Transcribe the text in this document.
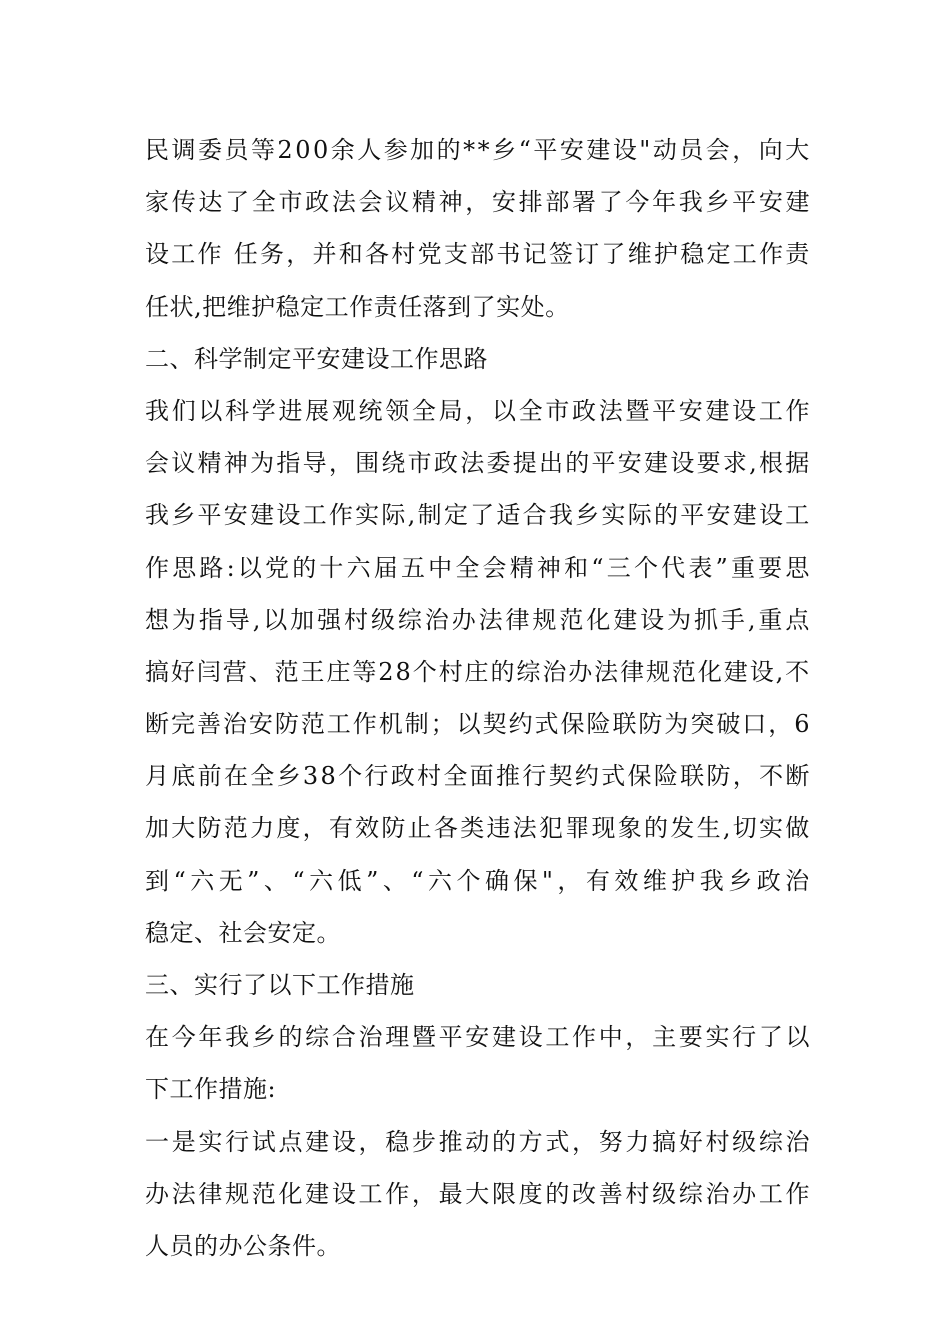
民 调 委 员 等 2 0 0 余 人 参 加 的 * * 乡 “ 平 安 建 设 " 动 员 会 ， 向 大
家 传 达 了 全 市 政 法 会 议 精 神 ， 安 排 部 署 了 今 年 我 乡 平 安 建
设 工 作
任 务 ， 并 和 各 村 党 支 部 书 记 签 订 了 维 护 稳 定 工 作 责
任状,把维护稳定工作责任落到了实处。
二、科学制定平安建设工作思路
我 们 以 科 学 进 展 观 统 领 全 局 ， 以 全 市 政 法 暨 平 安 建 设 工 作
会 议 精 神 为 指 导 ， 围 绕 市 政 法 委 提 出 的 平 安 建 设 要 求 , 根 据
我 乡 平 安 建 设 工 作 实 际 , 制 定 了 适 合 我 乡 实 际 的 平 安 建 设 工
作 思 路 : 以 党 的 十 六 届 五 中 全 会 精 神 和 “ 三 个 代 表 ” 重 要 思
想 为 指 导 , 以 加 强 村 级 综 治 办 法 律 规 范 化 建 设 为 抓 手 , 重 点
搞 好 闫 营 、 范 王 庄 等 2 8 个 村 庄 的 综 治 办 法 律 规 范 化 建 设 , 不
断 完 善 治 安 防 范 工 作 机 制 ； 以 契 约 式 保 险 联 防 为 突 破 口 ， 6
月 底 前 在 全 乡 3 8 个 行 政 村 全 面 推 行 契 约 式 保 险 联 防 ， 不 断
加 大 防 范 力 度 ， 有 效 防 止 各 类 违 法 犯 罪 现 象 的 发 生 , 切 实 做
到 “ 六 无 ” 、 “ 六 低 ” 、 “ 六 个 确 保 " ， 有 效 维 护 我 乡 政 治
稳定、社会安定。
三、实行了以下工作措施
在 今 年 我 乡 的 综 合 治 理 暨 平 安 建 设 工 作 中 ， 主 要 实 行 了 以
下工作措施:
一 是 实 行 试 点 建 设 ， 稳 步 推 动 的 方 式 ， 努 力 搞 好 村 级 综 治
办 法 律 规 范 化 建 设 工 作 ， 最 大 限 度 的 改 善 村 级 综 治 办 工 作
人员的办公条件。
